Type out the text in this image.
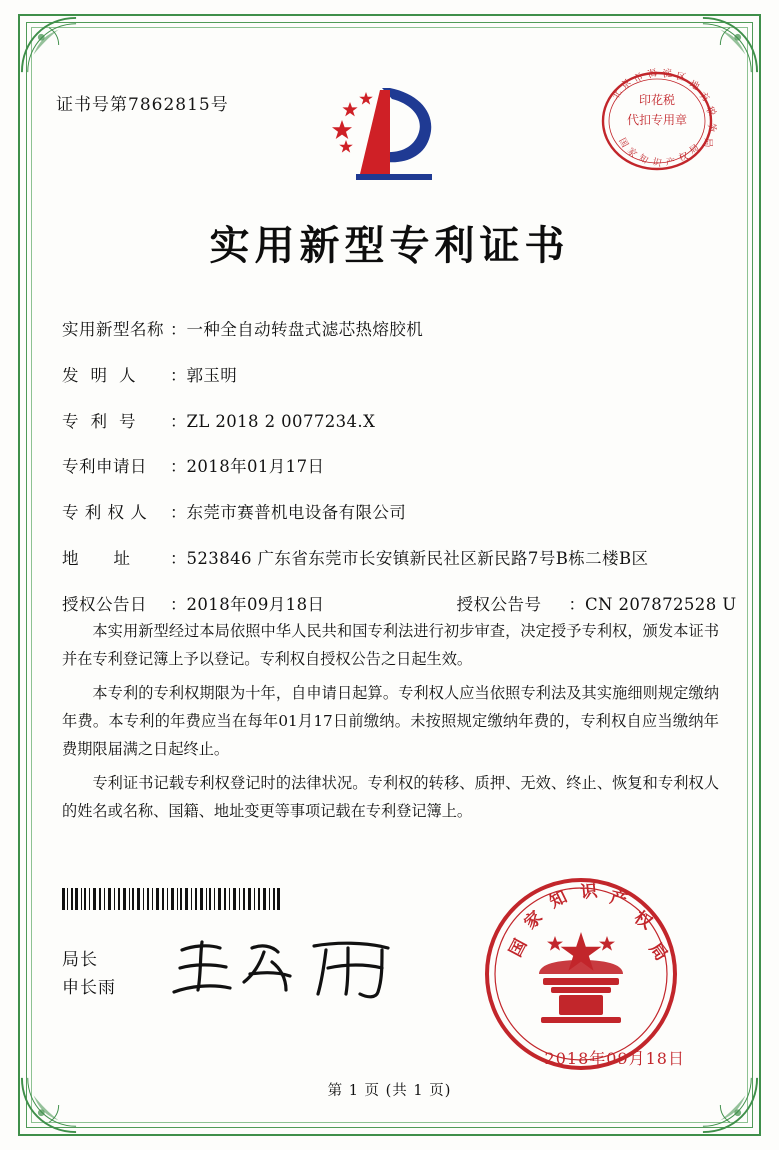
证书号第7862815号	印花税
代扣专用章
北
京
市 海 淀 区
地
方
税
务
局
国
家
知 识 产 权
局
实用新型专利证书
实用新型名称 ： 一种全自动转盘式滤芯热熔胶机
发  明  人	： 郭玉明
专  利  号	： ZL 2018 2 0077234.X
专利申请日	： 2018年01月17日
专 利 权 人	： 东莞市赛普机电设备有限公司
地      址	： 523846 广东省东莞市长安镇新民社区新民路7号B栋二楼B区
授权公告日	： 2018年09月18日	授权公告号	： CN 207872528 U

本实用新型经过本局依照中华人民共和国专利法进行初步审查，决定授予专利权，颁发本证书并在专利登记簿上予以登记。专利权自授权公告之日起生效。

本专利的专利权期限为十年，自申请日起算。专利权人应当依照专利法及其实施细则规定缴纳年费。本专利的年费应当在每年01月17日前缴纳。未按照规定缴纳年费的，专利权自应当缴纳年费期限届满之日起终止。

专利证书记载专利权登记时的法律状况。专利权的转移、质押、无效、终止、恢复和专利权人的姓名或名称、国籍、地址变更等事项记载在专利登记簿上。

局长
申长雨
国
家
知 识 产
权
局
2018年09月18日
第 1 页 (共 1 页)
